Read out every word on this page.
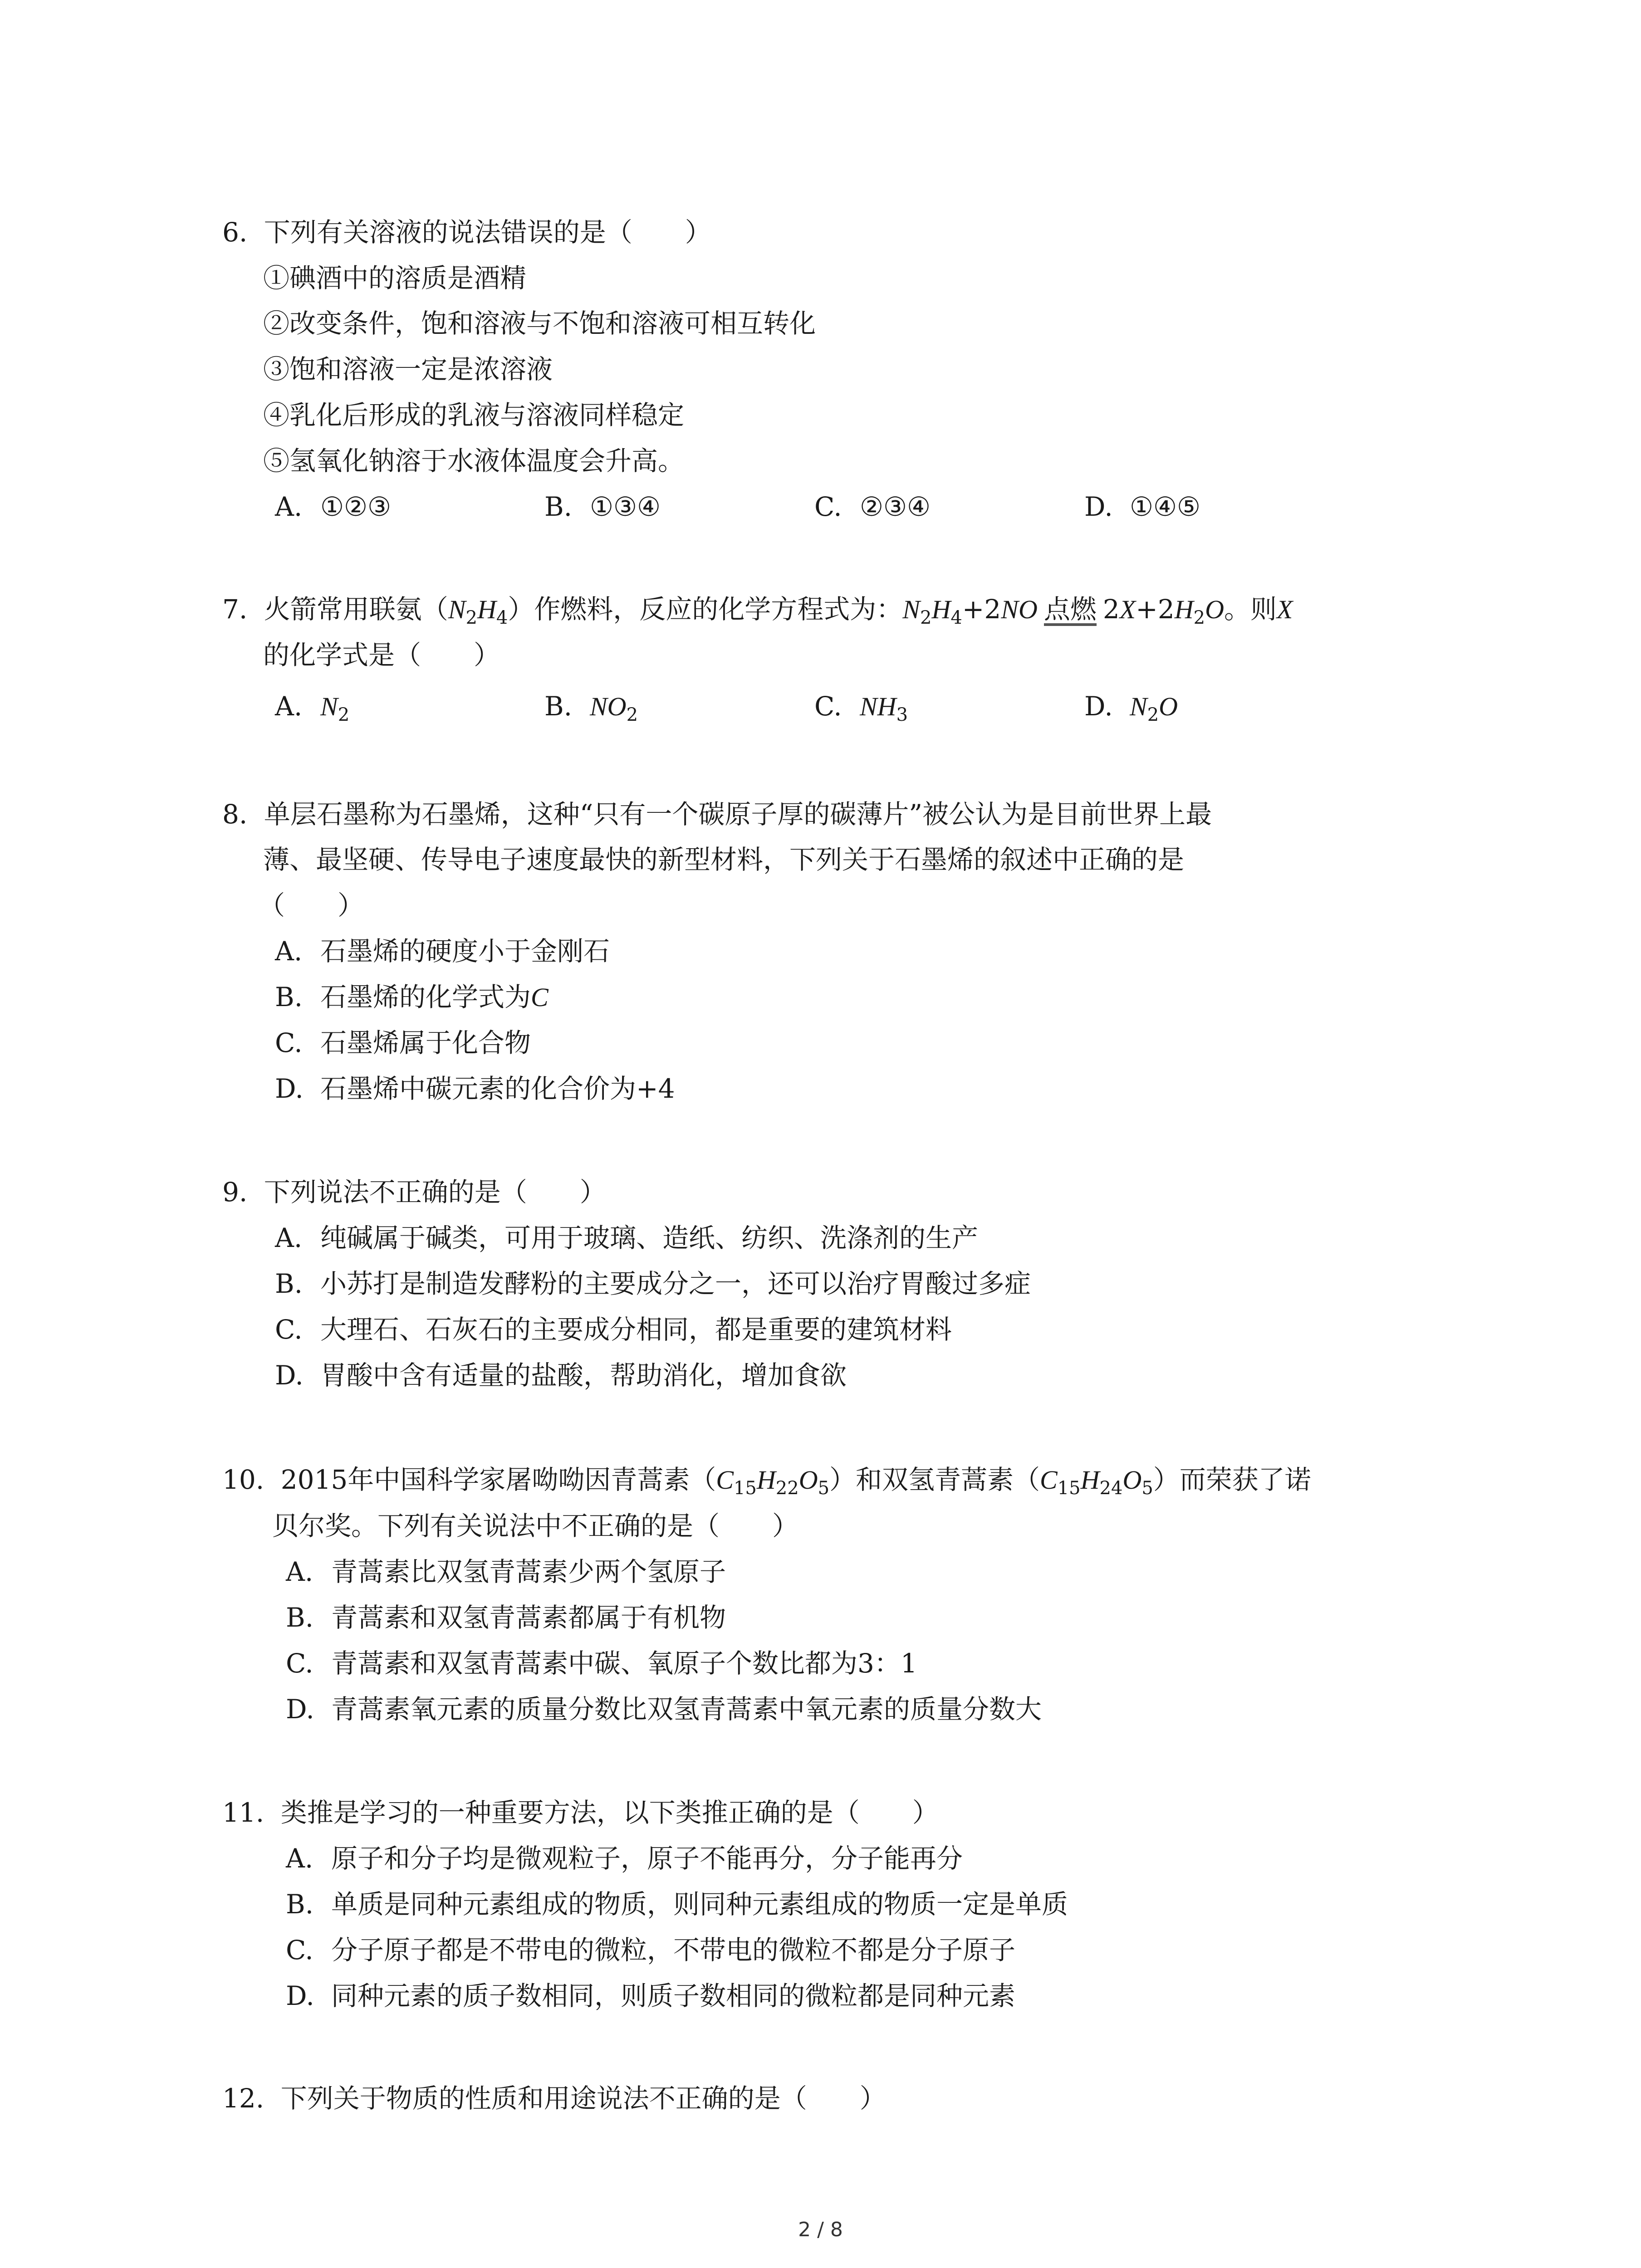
6. 下列有关溶液的说法错误的是（　　）
①碘酒中的溶质是酒精
②改变条件，饱和溶液与不饱和溶液可相互转化
③饱和溶液一定是浓溶液
④乳化后形成的乳液与溶液同样稳定
⑤氢氧化钠溶于水液体温度会升高。
A. ①②③	B. ①③④	C. ②③④	D. ①④⑤
7. 火箭常用联氨$(N_2H_4)$作燃料，反应的化学方程式为：$N_2H_4+2NO$ 点燃 $2X+2H_2O$。则X
的化学式是（　　）
A. $N_2$	B. $NO_2$	C. $NH_3$	D. $N_2O$
8. 单层石墨称为石墨烯，这种“只有一个碳原子厚的碳薄片”被公认为是目前世界上最
薄、最坚硬、传导电子速度最快的新型材料，下列关于石墨烯的叙述中正确的是
（　　）
A. 石墨烯的硬度小于金刚石
B. 石墨烯的化学式为C
C. 石墨烯属于化合物
D. 石墨烯中碳元素的化合价为+4
9. 下列说法不正确的是（　　）
A. 纯碱属于碱类，可用于玻璃、造纸、纺织、洗涤剂的生产
B. 小苏打是制造发酵粉的主要成分之一，还可以治疗胃酸过多症
C. 大理石、石灰石的主要成分相同，都是重要的建筑材料
D. 胃酸中含有适量的盐酸，帮助消化，增加食欲
10. 2015年中国科学家屠呦呦因青蒿素$(C_{15}H_{22}O_5)$和双氢青蒿素$(C_{15}H_{24}O_5)$而荣获了诺
贝尔奖。下列有关说法中不正确的是（　　）
A. 青蒿素比双氢青蒿素少两个氢原子
B. 青蒿素和双氢青蒿素都属于有机物
C. 青蒿素和双氢青蒿素中碳、氧原子个数比都为3：1
D. 青蒿素氧元素的质量分数比双氢青蒿素中氧元素的质量分数大
11. 类推是学习的一种重要方法，以下类推正确的是（　　）
A. 原子和分子均是微观粒子，原子不能再分，分子能再分
B. 单质是同种元素组成的物质，则同种元素组成的物质一定是单质
C. 分子原子都是不带电的微粒，不带电的微粒不都是分子原子
D. 同种元素的质子数相同，则质子数相同的微粒都是同种元素
12. 下列关于物质的性质和用途说法不正确的是（　　）
2 / 8
